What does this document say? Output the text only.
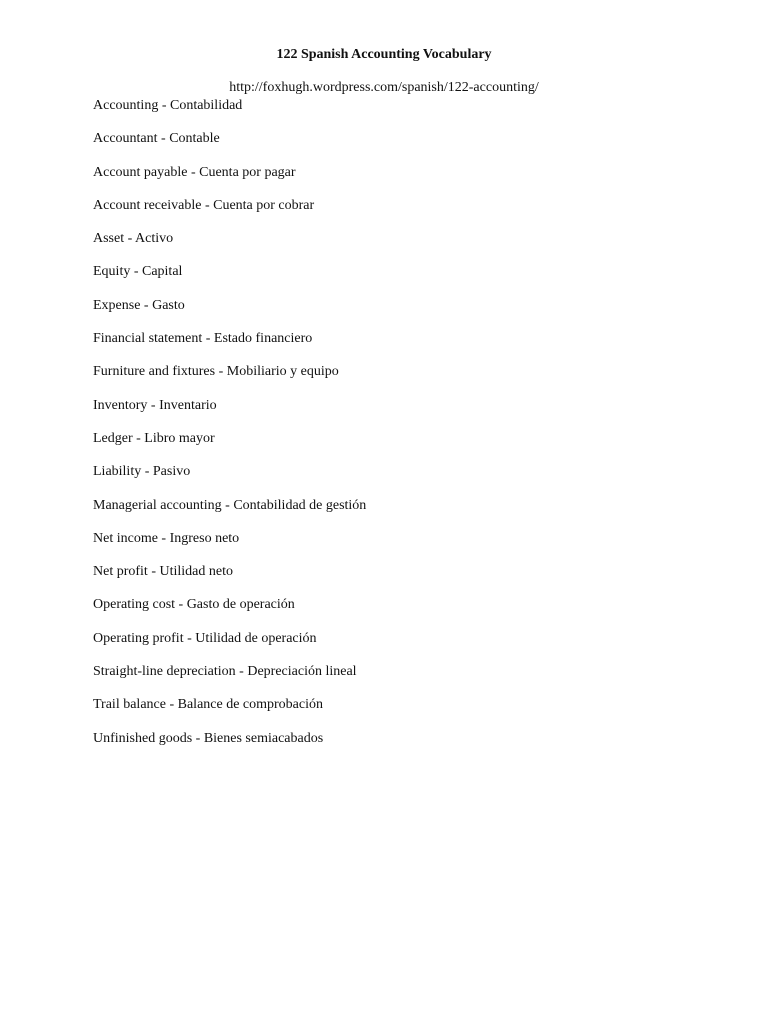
122 Spanish Accounting Vocabulary
http://foxhugh.wordpress.com/spanish/122-accounting/
Accounting - Contabilidad
Accountant - Contable
Account payable - Cuenta por pagar
Account receivable - Cuenta por cobrar
Asset - Activo
Equity - Capital
Expense - Gasto
Financial statement - Estado financiero
Furniture and fixtures - Mobiliario y equipo
Inventory - Inventario
Ledger - Libro mayor
Liability - Pasivo
Managerial accounting - Contabilidad de gestión
Net income - Ingreso neto
Net profit - Utilidad neto
Operating cost - Gasto de operación
Operating profit - Utilidad de operación
Straight-line depreciation - Depreciación lineal
Trail balance - Balance de comprobación
Unfinished goods - Bienes semiacabados
